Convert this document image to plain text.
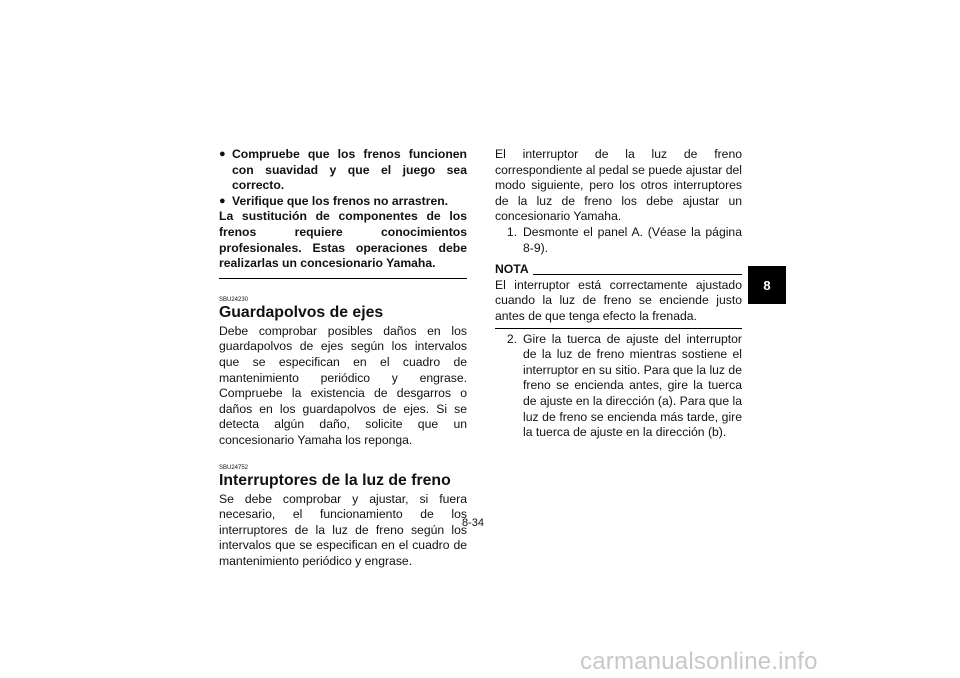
● Compruebe que los frenos funcionen con suavidad y que el juego sea correcto.
● Verifique que los frenos no arrastren.

La sustitución de componentes de los frenos requiere conocimientos profesionales. Estas operaciones debe realizarlas un concesionario Yamaha.

SBU24230
Guardapolvos de ejes

Debe comprobar posibles daños en los guardapolvos de ejes según los intervalos que se especifican en el cuadro de mantenimiento periódico y engrase. Compruebe la existencia de desgarros o daños en los guardapolvos de ejes. Si se detecta algún daño, solicite que un concesionario Yamaha los reponga.

SBU24752
Interruptores de la luz de freno

Se debe comprobar y ajustar, si fuera necesario, el funcionamiento de los interruptores de la luz de freno según los intervalos que se especifican en el cuadro de mantenimiento periódico y engrase.

El interruptor de la luz de freno correspondiente al pedal se puede ajustar del modo siguiente, pero los otros interruptores de la luz de freno los debe ajustar un concesionario Yamaha.

1. Desmonte el panel A. (Véase la página 8-9).
NOTA

El interruptor está correctamente ajustado cuando la luz de freno se enciende justo antes de que tenga efecto la frenada.

2. Gire la tuerca de ajuste del interruptor de la luz de freno mientras sostiene el interruptor en su sitio. Para que la luz de freno se encienda antes, gire la tuerca de ajuste en la dirección (a). Para que la luz de freno se encienda más tarde, gire la tuerca de ajuste en la dirección (b).
8
8-34
carmanualsonline.info
